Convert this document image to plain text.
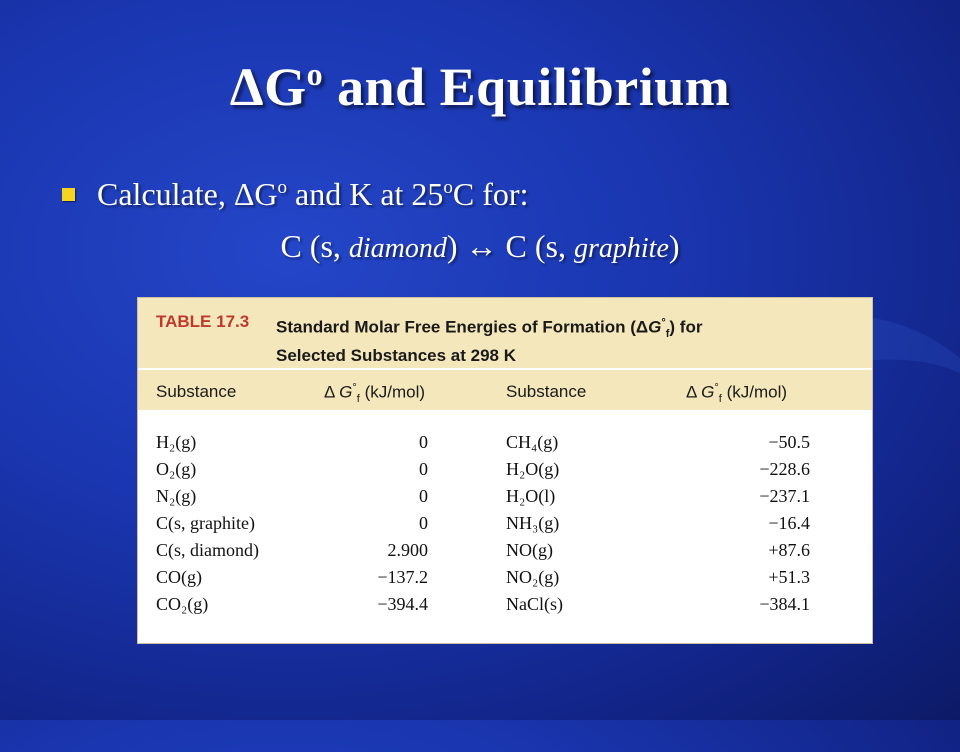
$\Delta G^o$ and Equilibrium
Calculate, $\Delta G^o$ and K at 25$^o$C for:
C (s, diamond) ↔ C (s, graphite)
TABLE 17.3 Standard Molar Free Energies of Formation $(\Delta G^\circ_f)$ for
Selected Substances at 298 K
Substance	Δ $G^\circ_f$ (kJ/mol)	Substance	Δ $G^\circ_f$ (kJ/mol)
H₂(g)	0	CH₄(g)	−50.5
O₂(g)	0	H₂O(g)	−228.6
N₂(g)	0	H₂O(l)	−237.1
C(s, graphite)	0	NH₃(g)	−16.4
C(s, diamond)	2.900	NO(g)	+87.6
CO(g)	−137.2	NO₂(g)	+51.3
CO₂(g)	−394.4	NaCl(s)	−384.1
